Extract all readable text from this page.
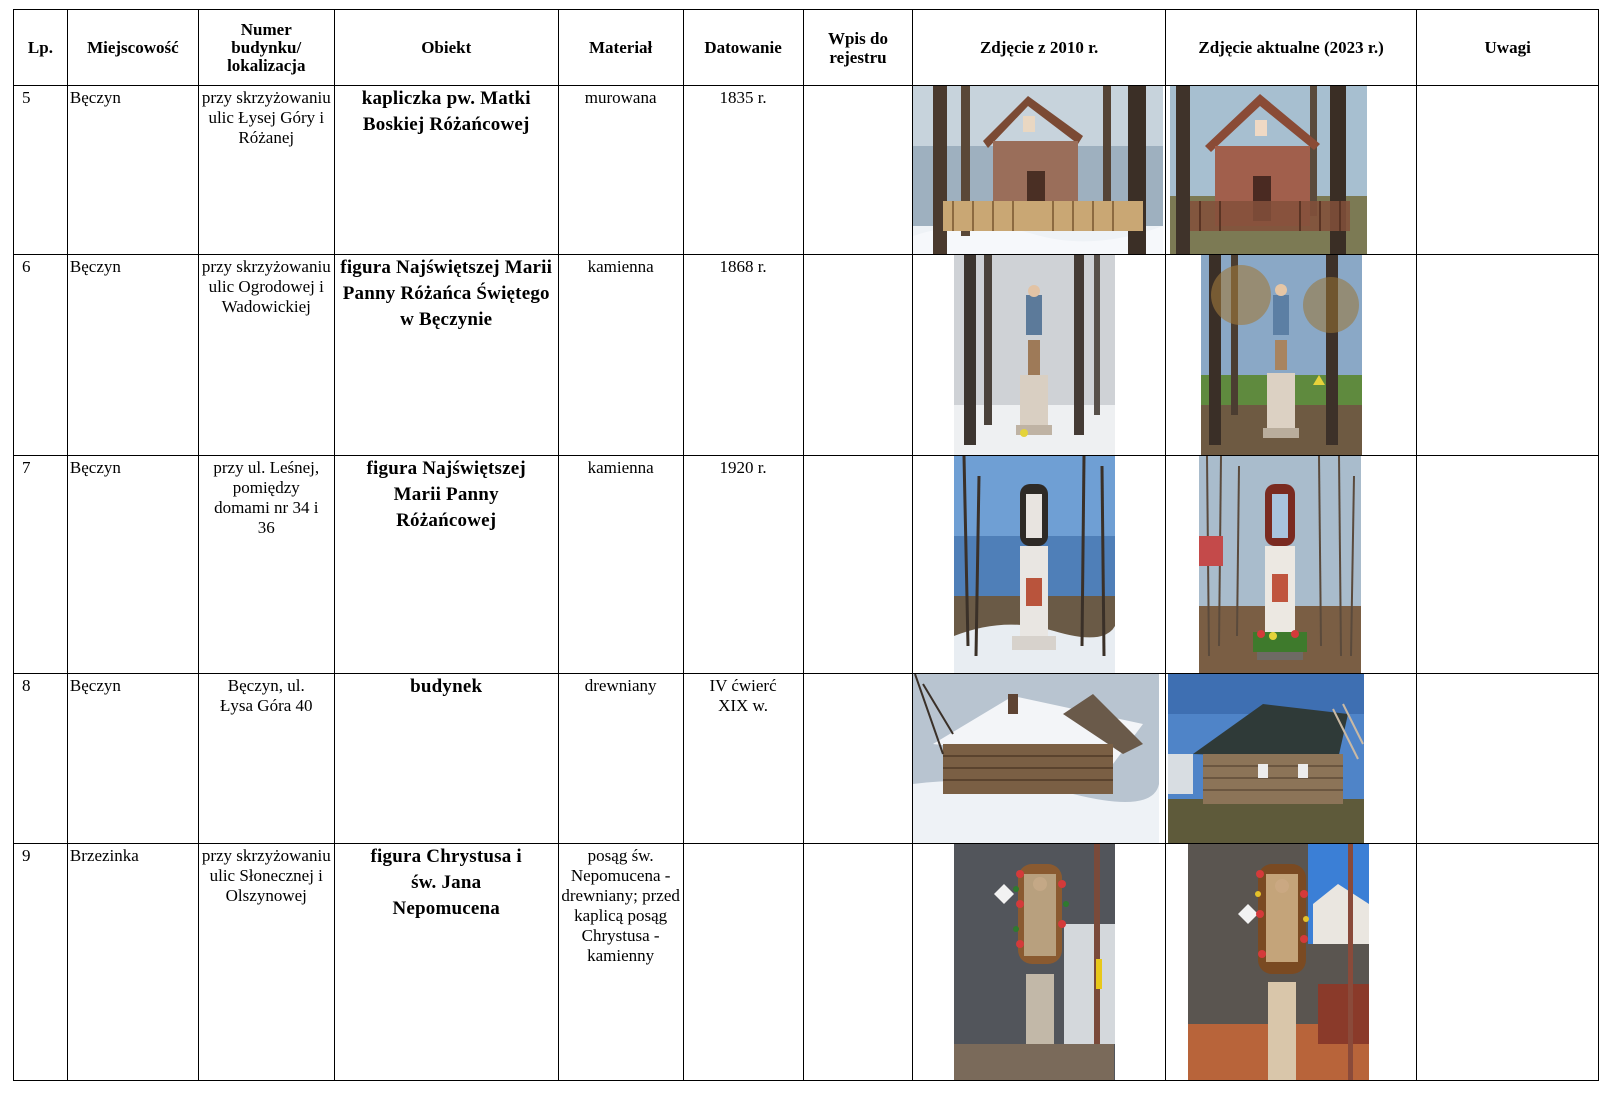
Lp.	Miejscowość	Numer budynku/ lokalizacja	Obiekt	Materiał	Datowanie	Wpis do rejestru	Zdjęcie z 2010 r.	Zdjęcie aktualne (2023 r.)	Uwagi
5	Bęczyn	przy skrzyżowaniu ulic Łysej Góry i Różanej	kapliczka pw. Matki Boskiej Różańcowej	murowana	1835 r.		

6	Bęczyn	przy skrzyżowaniu ulic Ogrodowej i Wadowickiej	figura Najświętszej Marii Panny Różańca Świętego w Bęczynie	kamienna	1868 r.		

7	Bęczyn	przy ul. Leśnej, pomiędzy domami nr 34 i 36	figura Najświętszej Marii Panny Różańcowej	kamienna	1920 r.		

8	Bęczyn	Bęczyn, ul. Łysa Góra 40	budynek	drewniany	IV ćwierć XIX w.

9	Brzezinka	przy skrzyżowaniu ulic Słonecznej i Olszynowej	figura Chrystusa i św. Jana Nepomucena	posąg św. Nepomucena - drewniany; przed kaplicą posąg Chrystusa - kamienny			
